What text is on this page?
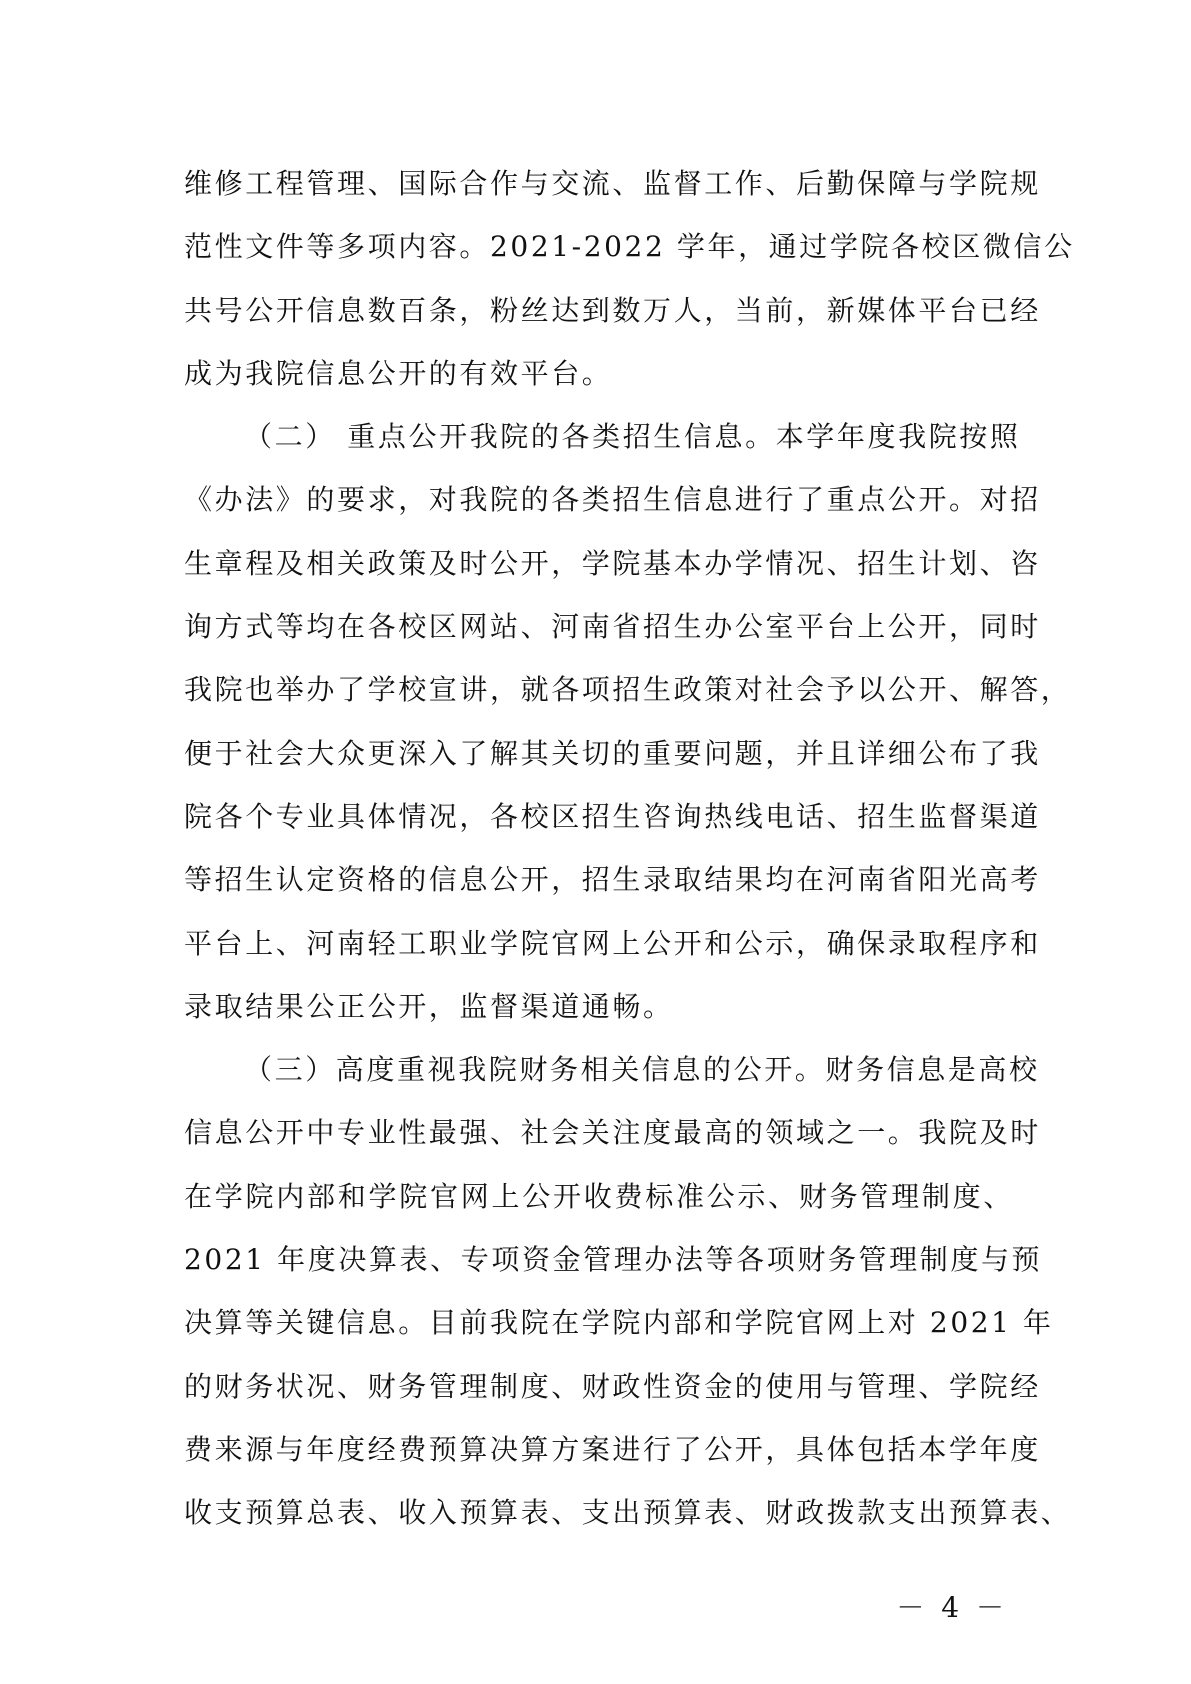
维修工程管理、国际合作与交流、监督工作、后勤保障与学院规
范性文件等多项内容。2021-2022 学年，通过学院各校区微信公
共号公开信息数百条，粉丝达到数万人，当前，新媒体平台已经
成为我院信息公开的有效平台。
（二） 重点公开我院的各类招生信息。本学年度我院按照
《办法》的要求，对我院的各类招生信息进行了重点公开。对招
生章程及相关政策及时公开，学院基本办学情况、招生计划、咨
询方式等均在各校区网站、河南省招生办公室平台上公开，同时
我院也举办了学校宣讲，就各项招生政策对社会予以公开、解答，
便于社会大众更深入了解其关切的重要问题，并且详细公布了我
院各个专业具体情况，各校区招生咨询热线电话、招生监督渠道
等招生认定资格的信息公开，招生录取结果均在河南省阳光高考
平台上、河南轻工职业学院官网上公开和公示，确保录取程序和
录取结果公正公开，监督渠道通畅。
（三）高度重视我院财务相关信息的公开。财务信息是高校
信息公开中专业性最强、社会关注度最高的领域之一。我院及时
在学院内部和学院官网上公开收费标准公示、财务管理制度、
2021 年度决算表、专项资金管理办法等各项财务管理制度与预
决算等关键信息。目前我院在学院内部和学院官网上对 2021 年
的财务状况、财务管理制度、财政性资金的使用与管理、学院经
费来源与年度经费预算决算方案进行了公开，具体包括本学年度
收支预算总表、收入预算表、支出预算表、财政拨款支出预算表、
－ 4 －
